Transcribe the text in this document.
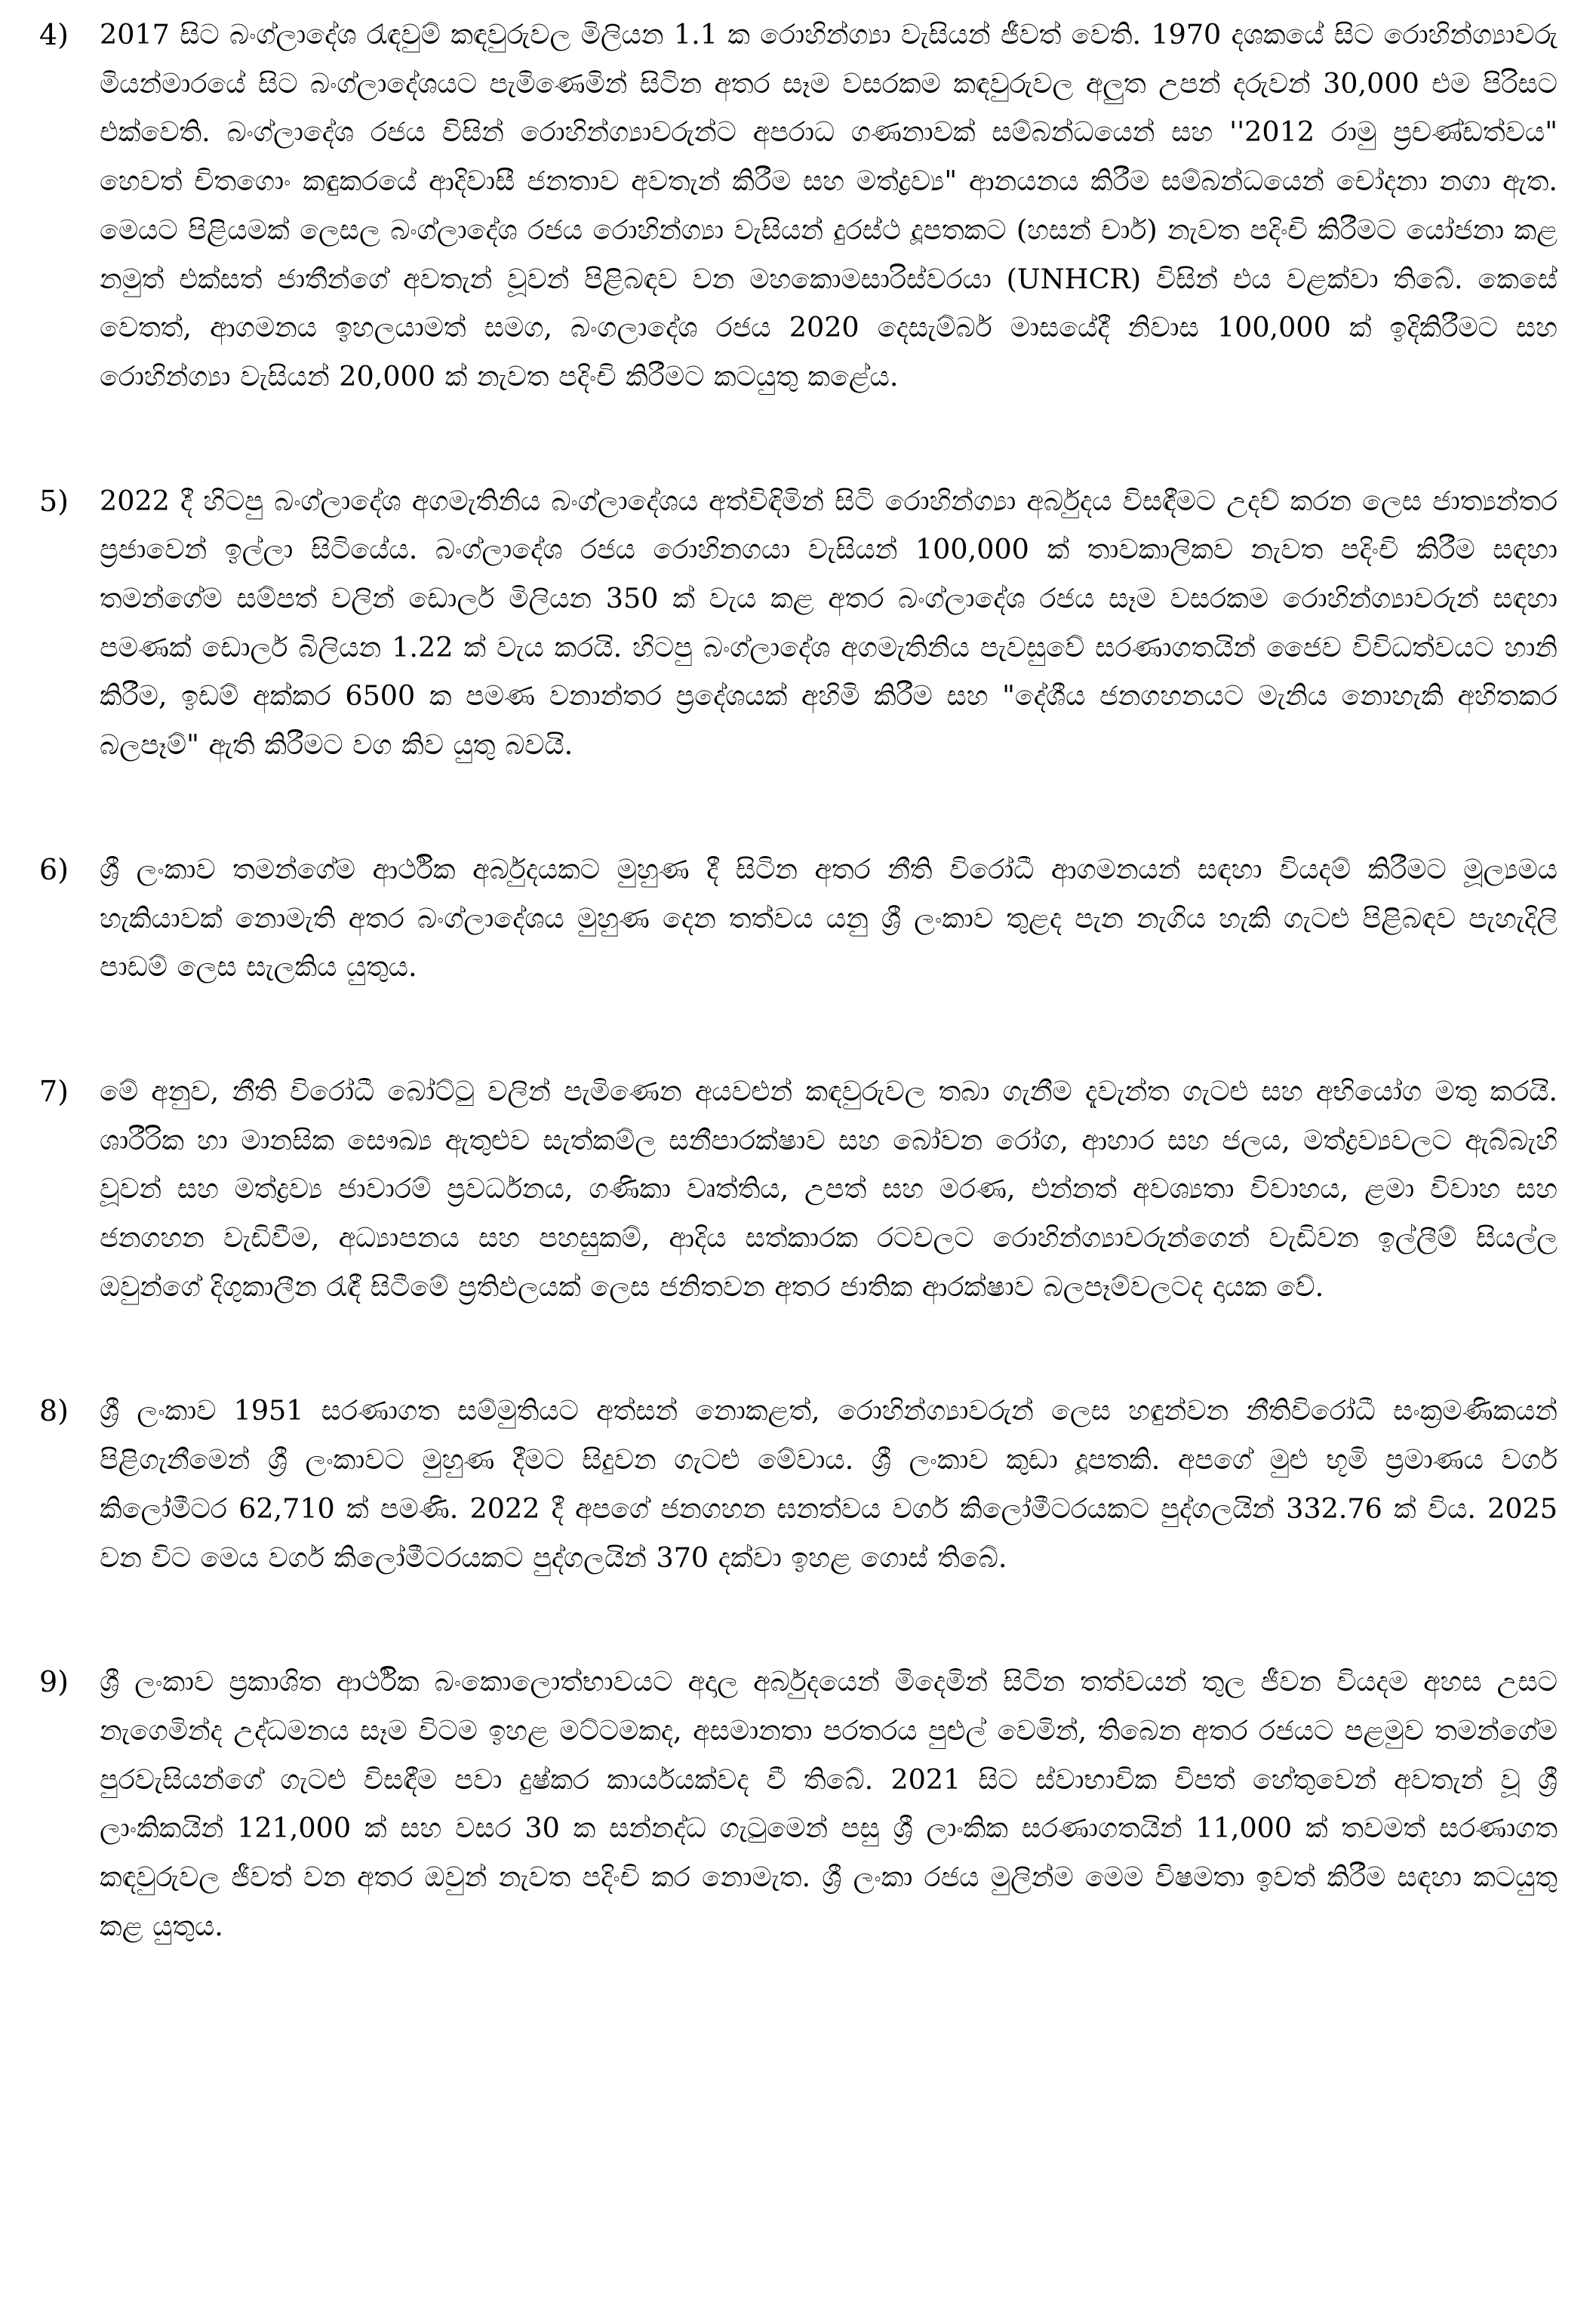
4) 2017 සිට බංග්ලාදේශ රැඳවුම් කඳවුරුවල මිලියන 1.1 ක රොහින්ග්‍යා වැසියන් ජීවත් වෙති. 1970 දශකයේ සිට රොහින්ග්‍යාවරු මියන්මාරයේ සිට බංග්ලාදේශයට පැමිණෙමින් සිටින අතර සෑම වසරකම කඳවුරුවල අලුත උපන් දරුවන් 30,000 එම පිරිසට එක්වෙති. බංග්ලාදේශ රජය විසින් රොහින්ග්‍යාවරුන්ට අපරාධ ගණනාවක් සම්බන්ධයෙන් සහ ''2012 රාමු ප්‍රචණ්ඩත්වය" හෙවත් චිතගොං කඳුකරයේ ආදිවාසී ජනතාව අවතැන් කිරීම සහ මත්ද්‍රව්‍ය" ආනයනය කිරීම සම්බන්ධයෙන් චෝදනා නගා ඇත. මෙයට පිළියමක් ලෙසල බංග්ලාදේශ රජය රොහින්ග්‍යා වැසියන් දුරස්ථ දූපතකට (හසන් චාර්) නැවත පදිංචි කිරීමට යෝජනා කළ නමුත් එක්සත් ජාතීන්ගේ අවතැන් වූවන් පිළිබඳව වන මහකොමසාරිස්වරයා (UNHCR) විසින් එය වළක්වා තිබේ. කෙසේ වෙතත්, ආගමනය ඉහලයාමත් සමග, බංගලාදේශ රජය 2020 දෙසැම්බර් මාසයේදී නිවාස 100,000 ක් ඉදිකිරීමට සහ රොහින්ග්‍යා වැසියන් 20,000 ක් නැවත පදිංචි කිරීමට කටයුතු කළේය.

5) 2022 දී හිටපු බංග්ලාදේශ අගමැතිනිය බංග්ලාදේශය අත්විඳිමින් සිටි රොහින්ග්‍යා අර්බුදය විසඳීමට උදව් කරන ලෙස ජාත්‍යන්තර ප්‍රජාවෙන් ඉල්ලා සිටියේය. බංග්ලාදේශ රජය රොහිනගයා වැසියන් 100,000 ක් තාවකාලිකව නැවත පදිංචි කිරීම සඳහා තමන්ගේම සම්පත් වලින් ඩොලර් මිලියන 350 ක් වැය කළ අතර බංග්ලාදේශ රජය සෑම වසරකම රොහින්ග්‍යාවරුන් සඳහා පමණක් ඩොලර් බිලියන 1.22 ක් වැය කරයි. හිටපු බංග්ලාදේශ අගමැතිනිය පැවසුවේ සරණාගතයින් ජෛව විවිධත්වයට හානි කිරීම, ඉඩම් අක්කර 6500 ක පමණ වනාන්තර ප්‍රදේශයක් අහිමි කිරීම සහ "දේශීය ජනගහනයට මැනිය නොහැකි අහිතකර බලපෑම්" ඇති කිරීමට වග කිව යුතු බවයි.

6) ශ්‍රී ලංකාව තමන්ගේම ආර්ථික අර්බුදයකට මුහුණ දී සිටින අතර නීති විරෝධී ආගමනයන් සඳහා වියදම් කිරීමට මූල්‍යමය හැකියාවක් නොමැති අතර බංග්ලාදේශය මුහුණ දෙන තත්වය යනු ශ්‍රී ලංකාව තුළද පැන නැගිය හැකි ගැටළු පිළිබඳව පැහැදිලි පාඩම් ලෙස සැලකිය යුතුය.

7) මේ අනුව, නීති විරෝධී බෝට්ටු වලින් පැමිණෙන අයවළුන් කඳවුරුවල තබා ගැනීම දැවැන්ත ගැටළු සහ අභියෝග මතු කරයි. ශාරීරික හා මානසික සෞඛ්‍ය ඇතුළුව සැත්කම්ල සනීපාරක්ෂාව සහ බෝවන රෝග, ආහාර සහ ජලය, මත්ද්‍රව්‍යවලට ඇබ්බැහි වූවන් සහ මත්ද්‍රව්‍ය ජාවාරම් ප්‍රවර්ධනය, ගණිකා වෘත්තිය, උපත් සහ මරණ, එන්නත් අවශ්‍යතා විවාහය, ළමා විවාහ සහ ජනගහන වැඩිවීම, අධ්‍යාපනය සහ පහසුකම්, ආදිය සත්කාරක රටවලට රොහින්ග්‍යාවරුන්ගෙන් වැඩිවන ඉල්ලීම් සියල්ල ඔවුන්ගේ දිගුකාලීන රැඳී සිටීමේ ප්‍රතිඵලයක් ලෙස ජනිතවන අතර ජාතික ආරක්ෂාව බලපෑම්වලටද දායක වේ.

8) ශ්‍රී ලංකාව 1951 සරණාගත සම්මුතියට අත්සන් නොකළත්, රොහින්ග්‍යාවරුන් ලෙස හඳුන්වන නීතිවිරෝධී සංක්‍රමණිකයන් පිළිගැනීමෙන් ශ්‍රී ලංකාවට මුහුණ දීමට සිදුවන ගැටළු මේවාය. ශ්‍රී ලංකාව කුඩා දූපතකි. අපගේ මුළු භූමි ප්‍රමාණය වර්ග කිලෝමීටර 62,710 ක් පමණි. 2022 දී අපගේ ජනගහන ඝනත්වය වර්ග කිලෝමීටරයකට පුද්ගලයින් 332.76 ක් විය. 2025 වන විට මෙය වර්ග කිලෝමීටරයකට පුද්ගලයින් 370 දක්වා ඉහළ ගොස් තිබේ.

9) ශ්‍රී ලංකාව ප්‍රකාශිත ආර්ථික බංකොලොත්භාවයට අදාල අර්බුදයෙන් මිදෙමින් සිටින තත්වයන් තුල ජීවන වියදම අහස උසට නැගෙමින්ද උද්ධමනය සෑම විටම ඉහළ මට්ටමකද, අසමානතා පරතරය පුළුල් වෙමින්, තිබෙන අතර රජයට පළමුව තමන්ගේම පුරවැසියන්ගේ ගැටළු විසඳීම පවා දුෂ්කර කාර්යයක්වද වී තිබේ. 2021 සිට ස්වාභාවික විපත් හේතුවෙන් අවතැන් වූ ශ්‍රී ලාංකිකයින් 121,000 ක් සහ වසර 30 ක සන්නද්ධ ගැටුමෙන් පසු ශ්‍රී ලාංකික සරණාගතයින් 11,000 ක් තවමත් සරණාගත කඳවුරුවල ජීවත් වන අතර ඔවුන් නැවත පදිංචි කර නොමැත. ශ්‍රී ලංකා රජය මුලින්ම මෙම විෂමතා ඉවත් කිරීම සඳහා කටයුතු කළ යුතුය.
